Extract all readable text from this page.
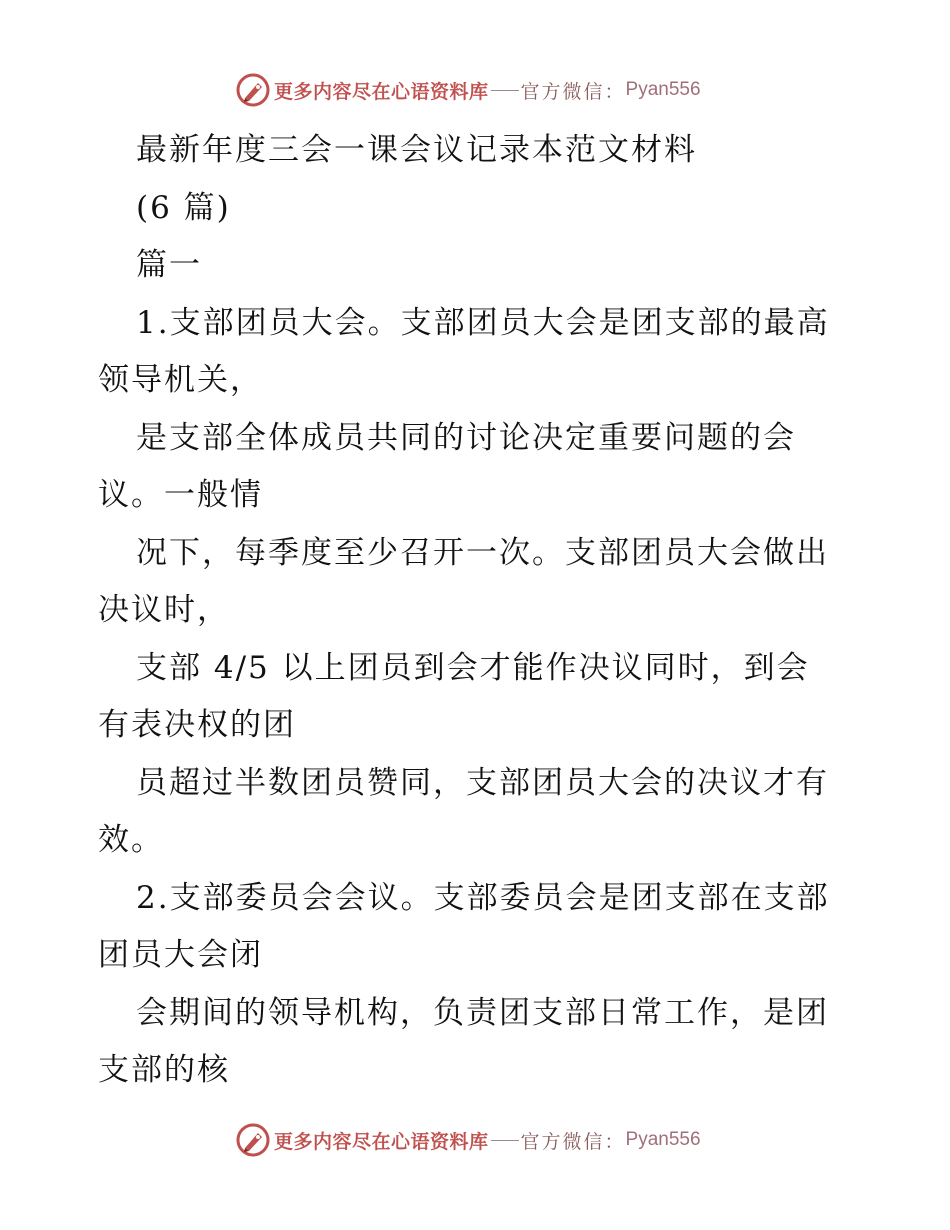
更多内容尽在心语资料库 官方微信： Pyan556
最新年度三会一课会议记录本范文材料
(6 篇)
篇一
1.支部团员大会。支部团员大会是团支部的最高
领导机关，
是支部全体成员共同的讨论决定重要问题的会
议。一般情
况下，每季度至少召开一次。支部团员大会做出
决议时，
支部 4/5 以上团员到会才能作决议同时，到会
有表决权的团
员超过半数团员赞同，支部团员大会的决议才有
效。
2.支部委员会会议。支部委员会是团支部在支部
团员大会闭
会期间的领导机构，负责团支部日常工作，是团
支部的核
更多内容尽在心语资料库 官方微信： Pyan556
